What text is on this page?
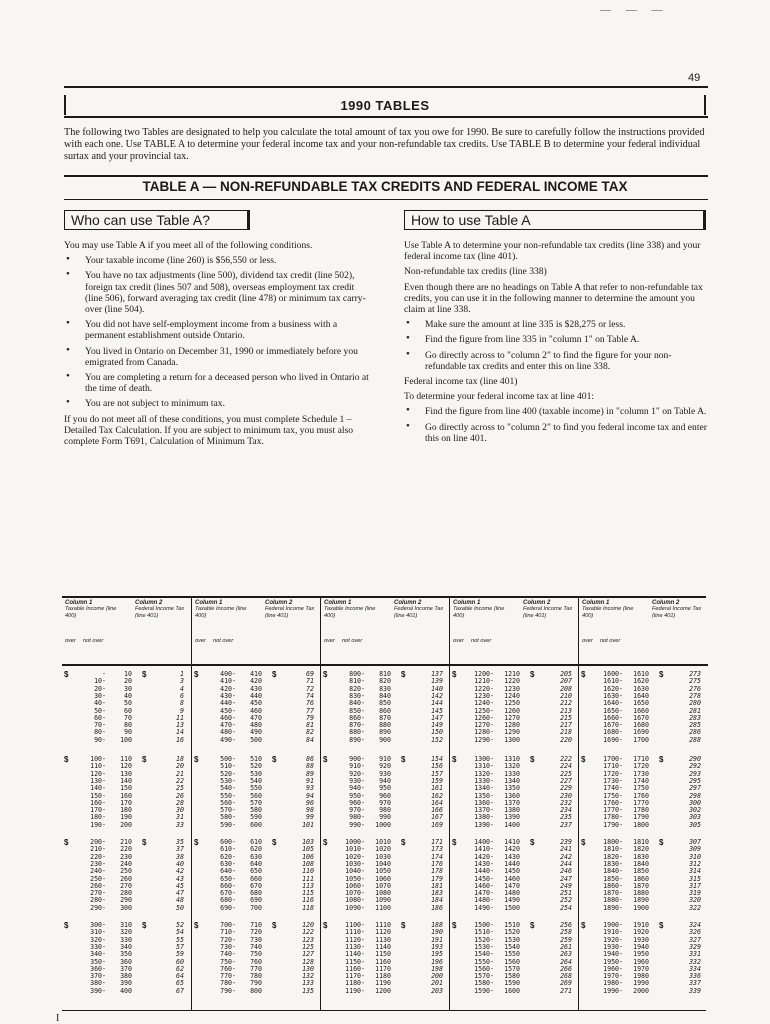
— — —
49
1990 TABLES
The following two Tables are designated to help you calculate the total amount of tax you owe for 1990. Be sure to carefully follow the instructions provided with each one. Use TABLE A to determine your federal income tax and your non-refundable tax credits. Use TABLE B to determine your federal individual surtax and your provincial tax.
TABLE A — NON-REFUNDABLE TAX CREDITS AND FEDERAL INCOME TAX
Who can use Table A?

You may use Table A if you meet all of the following conditions.

• Your taxable income (line 260) is $56,550 or less.
• You have no tax adjustments (line 500), dividend tax credit (line 502), foreign tax credit (lines 507 and 508), overseas employment tax credit (line 506), forward averaging tax credit (line 478) or minimum tax carry-over (line 504).
• You did not have self-employment income from a business with a permanent establishment outside Ontario.
• You lived in Ontario on December 31, 1990 or immediately before you emigrated from Canada.
• You are completing a return for a deceased person who lived in Ontario at the time of death.
• You are not subject to minimum tax.

If you do not meet all of these conditions, you must complete Schedule 1 – Detailed Tax Calculation. If you are subject to minimum tax, you must also complete Form T691, Calculation of Minimum Tax.

How to use Table A

Use Table A to determine your non-refundable tax credits (line 338) and your federal income tax (line 401).

Non-refundable tax credits (line 338)

Even though there are no headings on Table A that refer to non-refundable tax credits, you can use it in the following manner to determine the amount you claim at line 338.

• Make sure the amount at line 335 is $28,275 or less.
• Find the figure from line 335 in "column 1" on Table A.
• Go directly across to "column 2" to find the figure for your non-refundable tax credits and enter this on line 338.

Federal income tax (line 401)

To determine your federal income tax at line 401:

• Find the figure from line 400 (taxable income) in "column 1" on Table A.
• Go directly across to "column 2" to find you federal income tax and enter this on line 401.
Column 1
Taxable Income (line 400)
Column 2
Federal Income Tax (line 401)
over not over
$	$
-	10	1
10-	20	3
20-	30	4
30-	40	6
40-	50	8
50-	60	9
60-	70	11
70-	80	13
80-	90	14
90-	100	16
$	$
100-	110	18
110-	120	20
120-	130	21
130-	140	22
140-	150	25
150-	160	26
160-	170	28
170-	180	30
180-	190	31
190-	200	33
$	$
200-	210	35
210-	220	37
220-	230	38
230-	240	40
240-	250	42
250-	260	43
260-	270	45
270-	280	47
280-	290	48
290-	300	50
$	$
300-	310	52
310-	320	54
320-	330	55
330-	340	57
340-	350	59
350-	360	60
360-	370	62
370-	380	64
380-	390	65
390-	400	67
Column 1
Taxable Income (line 400)
Column 2
Federal Income Tax (line 401)
over not over
$	$
400-	410	69
410-	420	71
420-	430	72
430-	440	74
440-	450	76
450-	460	77
460-	470	79
470-	480	81
480-	490	82
490-	500	84
$	$
500-	510	86
510-	520	88
520-	530	89
530-	540	91
540-	550	93
550-	560	94
560-	570	96
570-	580	98
580-	590	99
590-	600	101
$	$
600-	610	103
610-	620	105
620-	630	106
630-	640	108
640-	650	110
650-	660	111
660-	670	113
670-	680	115
680-	690	116
690-	700	118
$	$
700-	710	120
710-	720	122
720-	730	123
730-	740	125
740-	750	127
750-	760	128
760-	770	130
770-	780	132
780-	790	133
790-	800	135
Column 1
Taxable Income (line 400)
Column 2
Federal Income Tax (line 401)
over not over
$	$
800-	810	137
810-	820	139
820-	830	140
830-	840	142
840-	850	144
850-	860	145
860-	870	147
870-	880	149
880-	890	150
890-	900	152
$	$
900-	910	154
910-	920	156
920-	930	157
930-	940	159
940-	950	161
950-	960	162
960-	970	164
970-	980	166
980-	990	167
990-	1000	169
$	$
1000-	1010	171
1010-	1020	173
1020-	1030	174
1030-	1040	176
1040-	1050	178
1050-	1060	179
1060-	1070	181
1070-	1080	183
1080-	1090	184
1090-	1100	186
$	$
1100-	1110	188
1110-	1120	190
1120-	1130	191
1130-	1140	193
1140-	1150	195
1150-	1160	196
1160-	1170	198
1170-	1180	200
1180-	1190	201
1190-	1200	203
Column 1
Taxable Income (line 400)
Column 2
Federal Income Tax (line 401)
over not over
$	$
1200-	1210	205
1210-	1220	207
1220-	1230	208
1230-	1240	210
1240-	1250	212
1250-	1260	213
1260-	1270	215
1270-	1280	217
1280-	1290	218
1290-	1300	220
$	$
1300-	1310	222
1310-	1320	224
1320-	1330	225
1330-	1340	227
1340-	1350	229
1350-	1360	230
1360-	1370	232
1370-	1380	234
1380-	1390	235
1390-	1400	237
$	$
1400-	1410	239
1410-	1420	241
1420-	1430	242
1430-	1440	244
1440-	1450	246
1450-	1460	247
1460-	1470	249
1470-	1480	251
1480-	1490	252
1490-	1500	254
$	$
1500-	1510	256
1510-	1520	258
1520-	1530	259
1530-	1540	261
1540-	1550	263
1550-	1560	264
1560-	1570	266
1570-	1580	268
1580-	1590	269
1590-	1600	271
Column 1
Taxable Income (line 400)
Column 2
Federal Income Tax (line 401)
over not over
$	$
1600-	1610	273
1610-	1620	275
1620-	1630	276
1630-	1640	278
1640-	1650	280
1650-	1660	281
1660-	1670	283
1670-	1680	285
1680-	1690	286
1690-	1700	288
$	$
1700-	1710	290
1710-	1720	292
1720-	1730	293
1730-	1740	295
1740-	1750	297
1750-	1760	298
1760-	1770	300
1770-	1780	302
1780-	1790	303
1790-	1800	305
$	$
1800-	1810	307
1810-	1820	309
1820-	1830	310
1830-	1840	312
1840-	1850	314
1850-	1860	315
1860-	1870	317
1870-	1880	319
1880-	1890	320
1890-	1900	322
$	$
1900-	1910	324
1910-	1920	326
1920-	1930	327
1930-	1940	329
1940-	1950	331
1950-	1960	332
1960-	1970	334
1970-	1980	336
1980-	1990	337
1990-	2000	339
I
